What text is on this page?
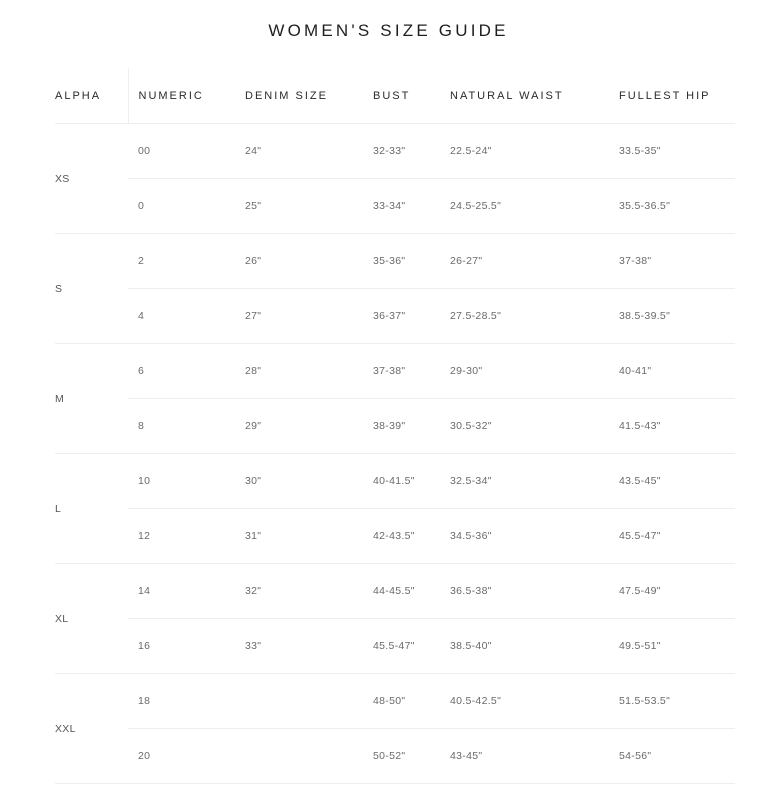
WOMEN'S SIZE GUIDE
ALPHA	NUMERIC	DENIM SIZE	BUST	NATURAL WAIST	FULLEST HIP
XS	00	24"	32-33"	22.5-24"	33.5-35"
	0	25"	33-34"	24.5-25.5"	35.5-36.5"
S	2	26"	35-36"	26-27"	37-38"
	4	27"	36-37"	27.5-28.5"	38.5-39.5"
M	6	28"	37-38"	29-30"	40-41"
	8	29"	38-39"	30.5-32"	41.5-43"
L	10	30"	40-41.5"	32.5-34"	43.5-45"
	12	31"	42-43.5"	34.5-36"	45.5-47"
XL	14	32"	44-45.5"	36.5-38"	47.5-49"
	16	33"	45.5-47"	38.5-40"	49.5-51"
XXL	18		48-50"	40.5-42.5"	51.5-53.5"
	20		50-52"	43-45"	54-56"
